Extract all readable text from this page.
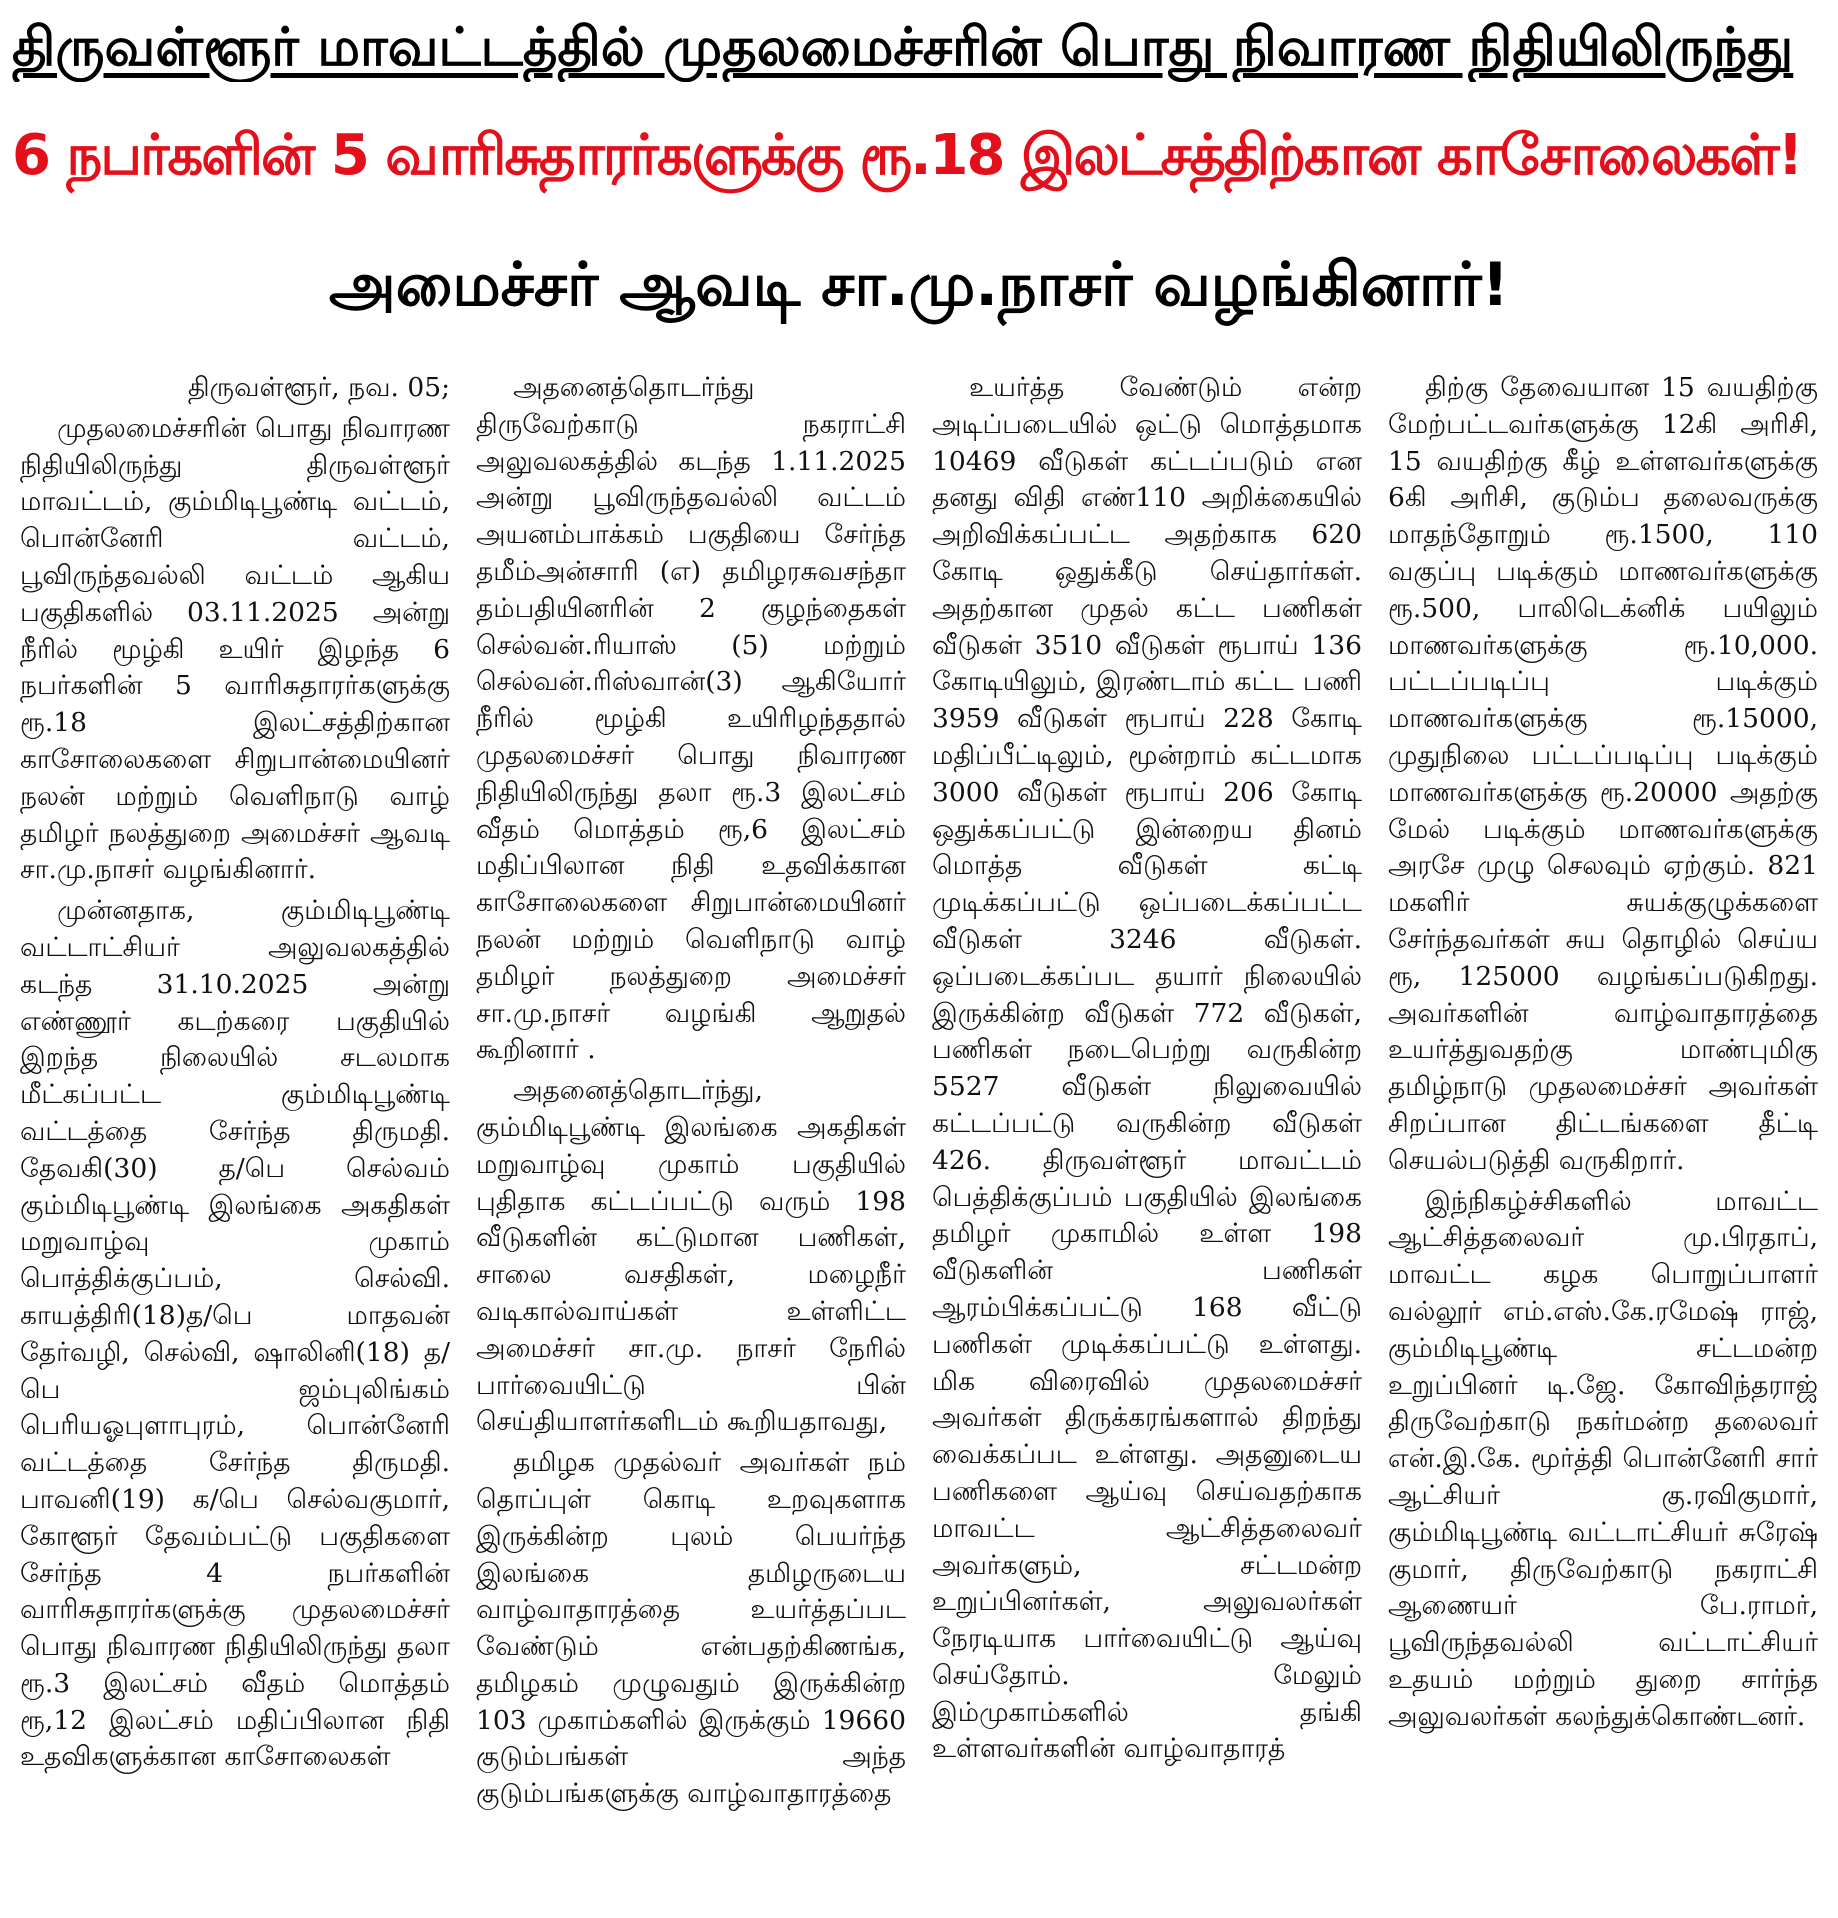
திருவள்ளூர் மாவட்டத்தில் முதலமைச்சரின் பொது நிவாரண நிதியிலிருந்து
6 நபர்களின் 5 வாரிசுதாரர்களுக்கு ரூ.18 இலட்சத்திற்கான காசோலைகள்!
அமைச்சர் ஆவடி சா.மு.நாசர் வழங்கினார்!

திருவள்ளூர், நவ. 05;

முதலமைச்சரின் பொது நிவாரண நிதியிலிருந்து திருவள்ளூர் மாவட்டம், கும்மிடிபூண்டி வட்டம், பொன்னேரி வட்டம், பூவிருந்தவல்லி வட்டம் ஆகிய பகுதிகளில் 03.11.2025 அன்று நீரில் மூழ்கி உயிர் இழந்த 6 நபர்களின் 5 வாரிசுதாரர்களுக்கு ரூ.18 இலட்சத்திற்கான காசோலைகளை சிறுபான்மையினர் நலன் மற்றும் வெளிநாடு வாழ் தமிழர் நலத்துறை அமைச்சர் ஆவடி சா.மு.நாசர் வழங்கினார்.

முன்னதாக, கும்மிடிபூண்டி வட்டாட்சியர் அலுவலகத்தில் கடந்த 31.10.2025 அன்று எண்ணூர் கடற்கரை பகுதியில் இறந்த நிலையில் சடலமாக மீட்கப்பட்ட கும்மிடிபூண்டி வட்டத்தை சேர்ந்த திருமதி. தேவகி(30) த/பெ செல்வம் கும்மிடிபூண்டி இலங்கை அகதிகள் மறுவாழ்வு முகாம் பொத்திக்குப்பம், செல்வி. காயத்திரி(18)த/பெ மாதவன் தேர்வழி, செல்வி, ஷாலினி(18) த/பெ ஜம்புலிங்கம் பெரியஓபுளாபுரம், பொன்னேரி வட்டத்தை சேர்ந்த திருமதி. பாவனி(19) க/பெ செல்வகுமார், கோளூர் தேவம்பட்டு பகுதிகளை சேர்ந்த 4 நபர்களின் வாரிசுதாரர்களுக்கு முதலமைச்சர் பொது நிவாரண நிதியிலிருந்து தலா ரூ.3 இலட்சம் வீதம் மொத்தம் ரூ,12 இலட்சம் மதிப்பிலான நிதி உதவிகளுக்கான காசோலைகள்

அதனைத்தொடர்ந்து திருவேற்காடு நகராட்சி அலுவலகத்தில் கடந்த 1.11.2025 அன்று பூவிருந்தவல்லி வட்டம் அயனம்பாக்கம் பகுதியை சேர்ந்த தமீம்அன்சாரி (எ) தமிழரசுவசந்தா தம்பதியினரின் 2 குழந்தைகள் செல்வன்.ரியாஸ் (5) மற்றும் செல்வன்.ரிஸ்வான்(3) ஆகியோர் நீரில் மூழ்கி உயிரிழந்ததால் முதலமைச்சர் பொது நிவாரண நிதியிலிருந்து தலா ரூ.3 இலட்சம் வீதம் மொத்தம் ரூ,6 இலட்சம் மதிப்பிலான நிதி உதவிக்கான காசோலைகளை சிறுபான்மையினர் நலன் மற்றும் வெளிநாடு வாழ் தமிழர் நலத்துறை அமைச்சர் சா.மு.நாசர் வழங்கி ஆறுதல் கூறினார் .

அதனைத்தொடர்ந்து, கும்மிடிபூண்டி இலங்கை அகதிகள் மறுவாழ்வு முகாம் பகுதியில் புதிதாக கட்டப்பட்டு வரும் 198 வீடுகளின் கட்டுமான பணிகள், சாலை வசதிகள், மழைநீர் வடிகால்வாய்கள் உள்ளிட்ட அமைச்சர் சா.மு. நாசர் நேரில் பார்வையிட்டு பின் செய்தியாளர்களிடம் கூறியதாவது,

தமிழக முதல்வர் அவர்கள் நம் தொப்புள் கொடி உறவுகளாக இருக்கின்ற புலம் பெயர்ந்த இலங்கை தமிழருடைய வாழ்வாதாரத்தை உயர்த்தப்பட வேண்டும் என்பதற்கிணங்க, தமிழகம் முழுவதும் இருக்கின்ற 103 முகாம்களில் இருக்கும் 19660 குடும்பங்கள் அந்த குடும்பங்களுக்கு வாழ்வாதாரத்தை

உயர்த்த வேண்டும் என்ற அடிப்படையில் ஒட்டு மொத்தமாக 10469 வீடுகள் கட்டப்படும் என தனது விதி எண்110 அறிக்கையில் அறிவிக்கப்பட்ட அதற்காக 620 கோடி ஒதுக்கீடு செய்தார்கள். அதற்கான முதல் கட்ட பணிகள் வீடுகள் 3510 வீடுகள் ரூபாய் 136 கோடியிலும், இரண்டாம் கட்ட பணி 3959 வீடுகள் ரூபாய் 228 கோடி மதிப்பீட்டிலும், மூன்றாம் கட்டமாக 3000 வீடுகள் ரூபாய் 206 கோடி ஒதுக்கப்பட்டு இன்றைய தினம் மொத்த வீடுகள் கட்டி முடிக்கப்பட்டு ஒப்படைக்கப்பட்ட வீடுகள் 3246 வீடுகள். ஒப்படைக்கப்பட தயார் நிலையில் இருக்கின்ற வீடுகள் 772 வீடுகள், பணிகள் நடைபெற்று வருகின்ற 5527 வீடுகள் நிலுவையில் கட்டப்பட்டு வருகின்ற வீடுகள் 426. திருவள்ளூர் மாவட்டம் பெத்திக்குப்பம் பகுதியில் இலங்கை தமிழர் முகாமில் உள்ள 198 வீடுகளின் பணிகள் ஆரம்பிக்கப்பட்டு 168 வீட்டு பணிகள் முடிக்கப்பட்டு உள்ளது. மிக விரைவில் முதலமைச்சர் அவர்கள் திருக்கரங்களால் திறந்து வைக்கப்பட உள்ளது. அதனுடைய பணிகளை ஆய்வு செய்வதற்காக மாவட்ட ஆட்சித்தலைவர் அவர்களும், சட்டமன்ற உறுப்பினர்கள், அலுவலர்கள் நேரடியாக பார்வையிட்டு ஆய்வு செய்தோம். மேலும் இம்முகாம்களில் தங்கி உள்ளவர்களின் வாழ்வாதாரத்

திற்கு தேவையான 15 வயதிற்கு மேற்பட்டவர்களுக்கு 12கி அரிசி, 15 வயதிற்கு கீழ் உள்ளவர்களுக்கு 6கி அரிசி, குடும்ப தலைவருக்கு மாதந்தோறும் ரூ.1500, 110 வகுப்பு படிக்கும் மாணவர்களுக்கு ரூ.500, பாலிடெக்னிக் பயிலும் மாணவர்களுக்கு ரூ.10,000. பட்டப்படிப்பு படிக்கும் மாணவர்களுக்கு ரூ.15000, முதுநிலை பட்டப்படிப்பு படிக்கும் மாணவர்களுக்கு ரூ.20000 அதற்கு மேல் படிக்கும் மாணவர்களுக்கு அரசே முழு செலவும் ஏற்கும். 821 மகளிர் சுயக்குழுக்களை சேர்ந்தவர்கள் சுய தொழில் செய்ய ரூ, 125000 வழங்கப்படுகிறது. அவர்களின் வாழ்வாதாரத்தை உயர்த்துவதற்கு மாண்புமிகு தமிழ்நாடு முதலமைச்சர் அவர்கள் சிறப்பான திட்டங்களை தீட்டி செயல்படுத்தி வருகிறார்.

இந்நிகழ்ச்சிகளில் மாவட்ட ஆட்சித்தலைவர் மு.பிரதாப், மாவட்ட கழக பொறுப்பாளர் வல்லூர் எம்.எஸ்.கே.ரமேஷ் ராஜ், கும்மிடிபூண்டி சட்டமன்ற உறுப்பினர் டி.ஜே. கோவிந்தராஜ் திருவேற்காடு நகர்மன்ற தலைவர் என்.இ.கே. மூர்த்தி பொன்னேரி சார் ஆட்சியர் கு.ரவிகுமார், கும்மிடிபூண்டி வட்டாட்சியர் சுரேஷ் குமார், திருவேற்காடு நகராட்சி ஆணையர் பே.ராமர், பூவிருந்தவல்லி வட்டாட்சியர் உதயம் மற்றும் துறை சார்ந்த அலுவலர்கள் கலந்துக்கொண்டனர்.
